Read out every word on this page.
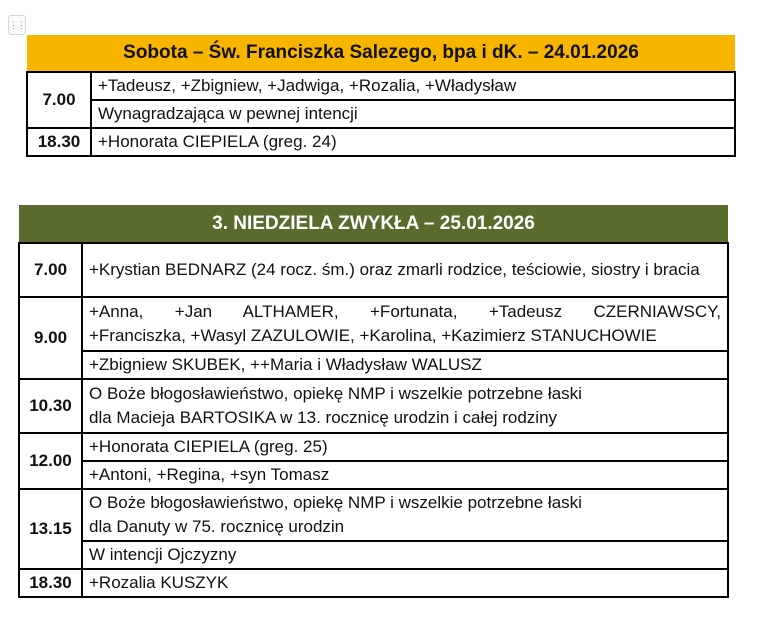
⋮⋮
Sobota – Św. Franciszka Salezego, bpa i dK. – 24.01.2026	
7.00	+Tadeusz, +Zbigniew, +Jadwiga, +Rozalia, +Władysław
	Wynagradzająca w pewnej intencji
18.30	+Honorata CIEPIELA (greg. 24)
3. NIEDZIELA ZWYKŁA – 25.01.2026	
7.00	+Krystian BEDNARZ (24 rocz. śm.) oraz zmarli rodzice, teściowie, siostry i bracia
9.00	+Anna, +Jan ALTHAMER, +Fortunata, +Tadeusz CZERNIAWSCY,
+Franciszka, +Wasyl ZAZULOWIE, +Karolina, +Kazimierz STANUCHOWIE

	+Zbigniew SKUBEK, ++Maria i Władysław WALUSZ
10.30	O Boże błogosławieństwo, opiekę NMP i wszelkie potrzebne łaski
dla Macieja BARTOSIKA w 13. rocznicę urodzin i całej rodziny

12.00	+Honorata CIEPIELA (greg. 25)
	+Antoni, +Regina, +syn Tomasz
13.15	O Boże błogosławieństwo, opiekę NMP i wszelkie potrzebne łaski
dla Danuty w 75. rocznicę urodzin

	W intencji Ojczyzny
18.30	+Rozalia KUSZYK
